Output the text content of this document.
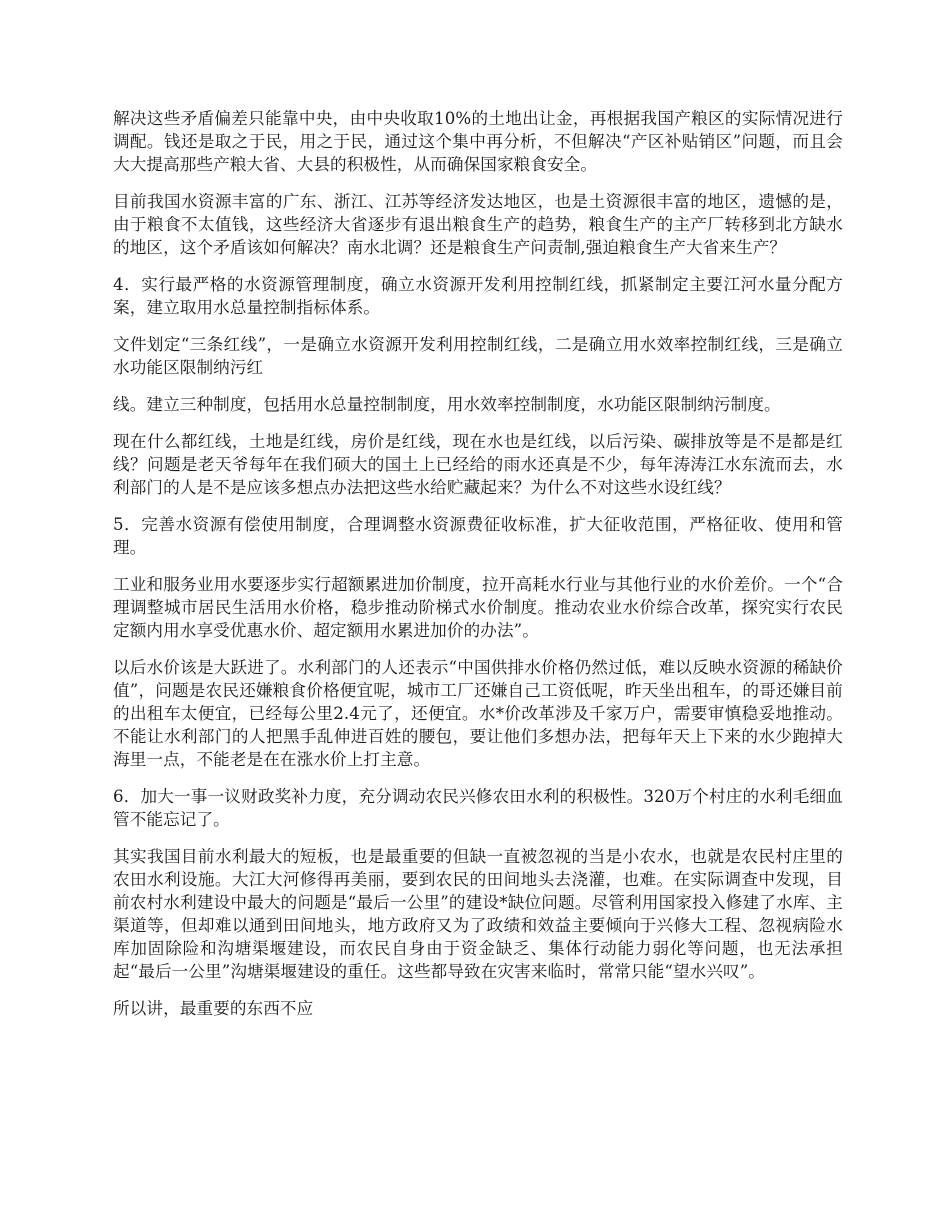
解决这些矛盾偏差只能靠中央，由中央收取10%的土地出让金，再根据我国产粮区的实际情况进行调配。钱还是取之于民，用之于民，通过这个集中再分析，不但解决“产区补贴销区”问题，而且会大大提高那些产粮大省、大县的积极性，从而确保国家粮食安全。

目前我国水资源丰富的广东、浙江、江苏等经济发达地区，也是土资源很丰富的地区，遗憾的是，由于粮食不太值钱，这些经济大省逐步有退出粮食生产的趋势，粮食生产的主产厂转移到北方缺水的地区，这个矛盾该如何解决？南水北调？还是粮食生产问责制,强迫粮食生产大省来生产？

4．实行最严格的水资源管理制度，确立水资源开发利用控制红线，抓紧制定主要江河水量分配方案，建立取用水总量控制指标体系。

文件划定“三条红线”，一是确立水资源开发利用控制红线，二是确立用水效率控制红线，三是确立水功能区限制纳污红

线。建立三种制度，包括用水总量控制制度，用水效率控制制度，水功能区限制纳污制度。

现在什么都红线，土地是红线，房价是红线，现在水也是红线，以后污染、碳排放等是不是都是红线？问题是老天爷每年在我们硕大的国土上已经给的雨水还真是不少，每年涛涛江水东流而去，水利部门的人是不是应该多想点办法把这些水给贮藏起来？为什么不对这些水设红线？

5．完善水资源有偿使用制度，合理调整水资源费征收标准，扩大征收范围，严格征收、使用和管理。

工业和服务业用水要逐步实行超额累进加价制度，拉开高耗水行业与其他行业的水价差价。一个“合理调整城市居民生活用水价格，稳步推动阶梯式水价制度。推动农业水价综合改革，探究实行农民定额内用水享受优惠水价、超定额用水累进加价的办法”。

以后水价该是大跃进了。水利部门的人还表示“中国供排水价格仍然过低，难以反映水资源的稀缺价值”，问题是农民还嫌粮食价格便宜呢，城市工厂还嫌自己工资低呢，昨天坐出租车，的哥还嫌目前的出租车太便宜，已经每公里2.4元了，还便宜。水*价改革涉及千家万户，需要审慎稳妥地推动。不能让水利部门的人把黑手乱伸进百姓的腰包，要让他们多想办法，把每年天上下来的水少跑掉大海里一点，不能老是在在涨水价上打主意。

6．加大一事一议财政奖补力度，充分调动农民兴修农田水利的积极性。320万个村庄的水利毛细血管不能忘记了。

其实我国目前水利最大的短板，也是最重要的但缺一直被忽视的当是小农水，也就是农民村庄里的农田水利设施。大江大河修得再美丽，要到农民的田间地头去浇灌，也难。在实际调查中发现，目前农村水利建设中最大的问题是“最后一公里”的建设*缺位问题。尽管利用国家投入修建了水库、主渠道等，但却难以通到田间地头，地方政府又为了政绩和效益主要倾向于兴修大工程、忽视病险水库加固除险和沟塘渠堰建设，而农民自身由于资金缺乏、集体行动能力弱化等问题，也无法承担起“最后一公里”沟塘渠堰建设的重任。这些都导致在灾害来临时，常常只能“望水兴叹”。

所以讲，最重要的东西不应
